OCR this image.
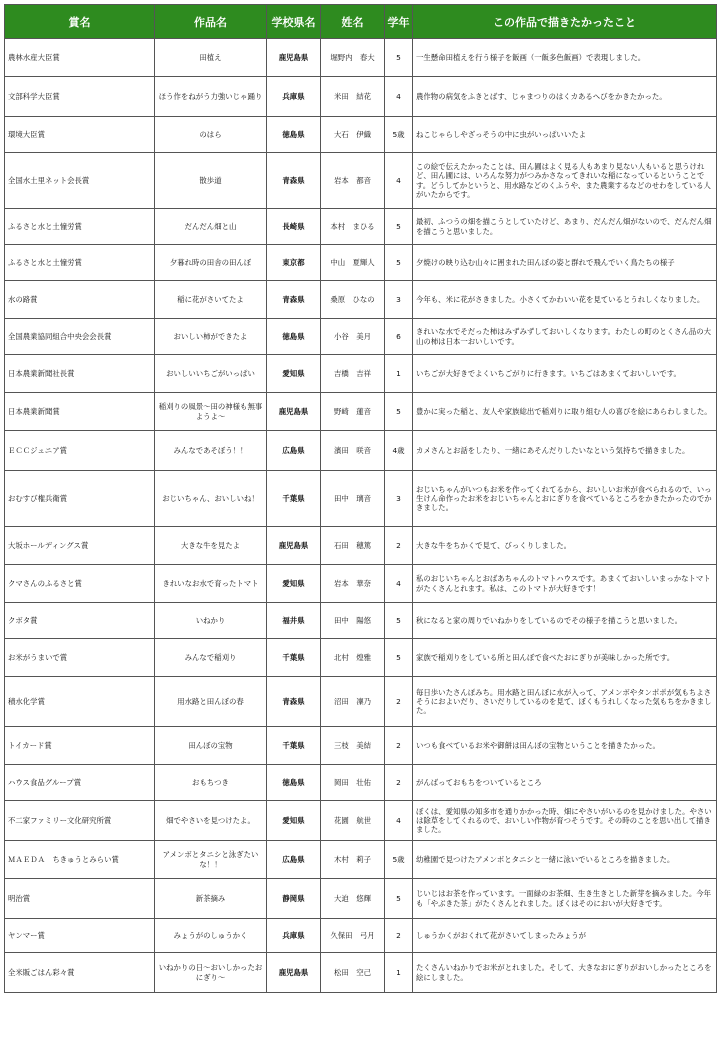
賞名	作品名	学校県名	姓名	学年	この作品で描きたかったこと
農林水産大臣賞	田植え	鹿児島県	堀野内　春大	5	一生懸命田植えを行う様子を飯画（一飯多色飯画）で表現しました。
文部科学大臣賞	ほう作をねがう力強いじゃ踊り	兵庫県	米田　結花	4	農作物の病気をふきとばす、じゃまつりのはくカあるへびをかきたかった。
環境大臣賞	のはら	徳島県	大石　伊織	5歳	ねこじゃらしやざっそうの中に虫がいっぱいいたよ
全国水土里ネット会長賞	散歩道	青森県	岩本　都音	4	この絵で伝えたかったことは、田ん圃はよく見る人もあまり見ない人もいると思うけれど、田ん圃には、いろんな努力がつみかさなってきれいな稲になっているということです。どうしてかというと、用水路などのくふうや、また農業するなどのせわをしている人がいたからです。
ふるさと水と土憧労賞	だんだん畑と山	長崎県	本村　まひる	5	最初、ふつうの畑を描こうとしていたけど、あまり、だんだん畑がないので、だんだん畑を描こうと思いました。
ふるさと水と土憧労賞	夕暮れ時の田舎の田んぼ	東京都	中山　夏輝人	5	夕焼けの映り込む山々に囲まれた田んぼの姿と群れで飛んでいく鳥たちの様子
水の路賞	稲に花がさいてたよ	青森県	桑原　ひなの	3	今年も、米に花がさきました。小さくてかわいい花を見ているとうれしくなりました。
全国農業協同組合中央会会長賞	おいしい柿ができたよ	徳島県	小谷　美月	6	きれいな水でそだった柿はみずみずしておいしくなります。わたしの町のとくさん品の大山の柿は日本一おいしいです。
日本農業新聞社長賞	おいしいいちごがいっぱい	愛知県	吉橋　吉祥	1	いちごが大好きでよくいちごがりに行きます。いちごはあまくておいしいです。
日本農業新聞賞	稲刈りの風景～田の神様も無事ようよ～	鹿児島県	野崎　蓮音	5	豊かに実った稲と、友人や家族総出で稲刈りに取り組む人の喜びを絵にあらわしました。
ＥＣＣジュニア賞	みんなであそぼう！！	広島県	濱田　咲音	4歳	カメさんとお話をしたり、一緒にあそんだりしたいなという気持ちで描きました。
おむすび権兵衛賞	おじいちゃん、おいしいね！	千葉県	田中　璃音	3	おじいちゃんがいつもお米を作ってくれてるから、おいしいお米が食べられるので、いっ生けん命作ったお米をおじいちゃんとおにぎりを食べているところをかきたかったのでかきました。
大坂ホールディングス賞	大きな牛を見たよ	鹿児島県	石田　穂篤	2	大きな牛をちかくで見て、びっくりしました。
クマさんのふるさと賞	きれいなお水で育ったトマト	愛知県	岩本　華奈	4	私のおじいちゃんとおばあちゃんのトマトハウスです。あまくておいしいまっかなトマトがたくさんとれます。私は、このトマトが大好きです！
クボタ賞	いねかり	福井県	田中　陽悠	5	秋になると家の周りでいねかりをしているのでその様子を描こうと思いました。
お米がうまいで賞	みんなで稲刈り	千葉県	北村　煌雅	5	家族で稲刈りをしている所と田んぼで食べたおにぎりが美味しかった所です。
積水化学賞	用水路と田んぼの春	青森県	沼田　凜乃	2	毎日歩いたさんぽみち。用水路と田んぼに水が入って、アメンボやタンポポが気もちよさそうにおよいだり、さいだりしているのを見て、ぼくもうれしくなった気もちをかきました。
トイカード賞	田んぼの宝物	千葉県	三枝　美結	2	いつも食べているお米や御餅は田んぼの宝物ということを描きたかった。
ハウス食品グループ賞	おもちつき	徳島県	岡田　壮佑	2	がんばっておもちをついているところ
不二家ファミリー文化研究所賞	畑でやさいを見つけたよ。	愛知県	花園　航世	4	ぼくは、愛知県の知多市を通りかかった時、畑にやさいがいるのを見かけました。やさいは除草をしてくれるので、おいしい作物が育つそうです。その時のことを思い出して描きました。
ＭＡＥＤＡ　ちきゅうとみらい賞	アメンボとタニシと泳ぎたいな！！	広島県	木村　莉子	5歳	幼稚園で見つけたアメンボとタニシと一緒に泳いでいるところを描きました。
明治賞	新茶摘み	静岡県	大迫　悠輝	5	じいじはお茶を作っています。一面緑のお茶畑、生き生きとした新芽を摘みました。今年も「やぶきた茶」がたくさんとれました。ぼくはそのにおいが大好きです。
ヤンマー賞	みょうがのしゅうかく	兵庫県	久保田　弓月	2	しゅうかくがおくれて花がさいてしまったみょうが
全米販ごはん彩々賞	いねかりの日～おいしかったおにぎり～	鹿児島県	松田　空己	1	たくさんいねかりでお米がとれました。そして、大きなおにぎりがおいしかったところを絵にしました。
